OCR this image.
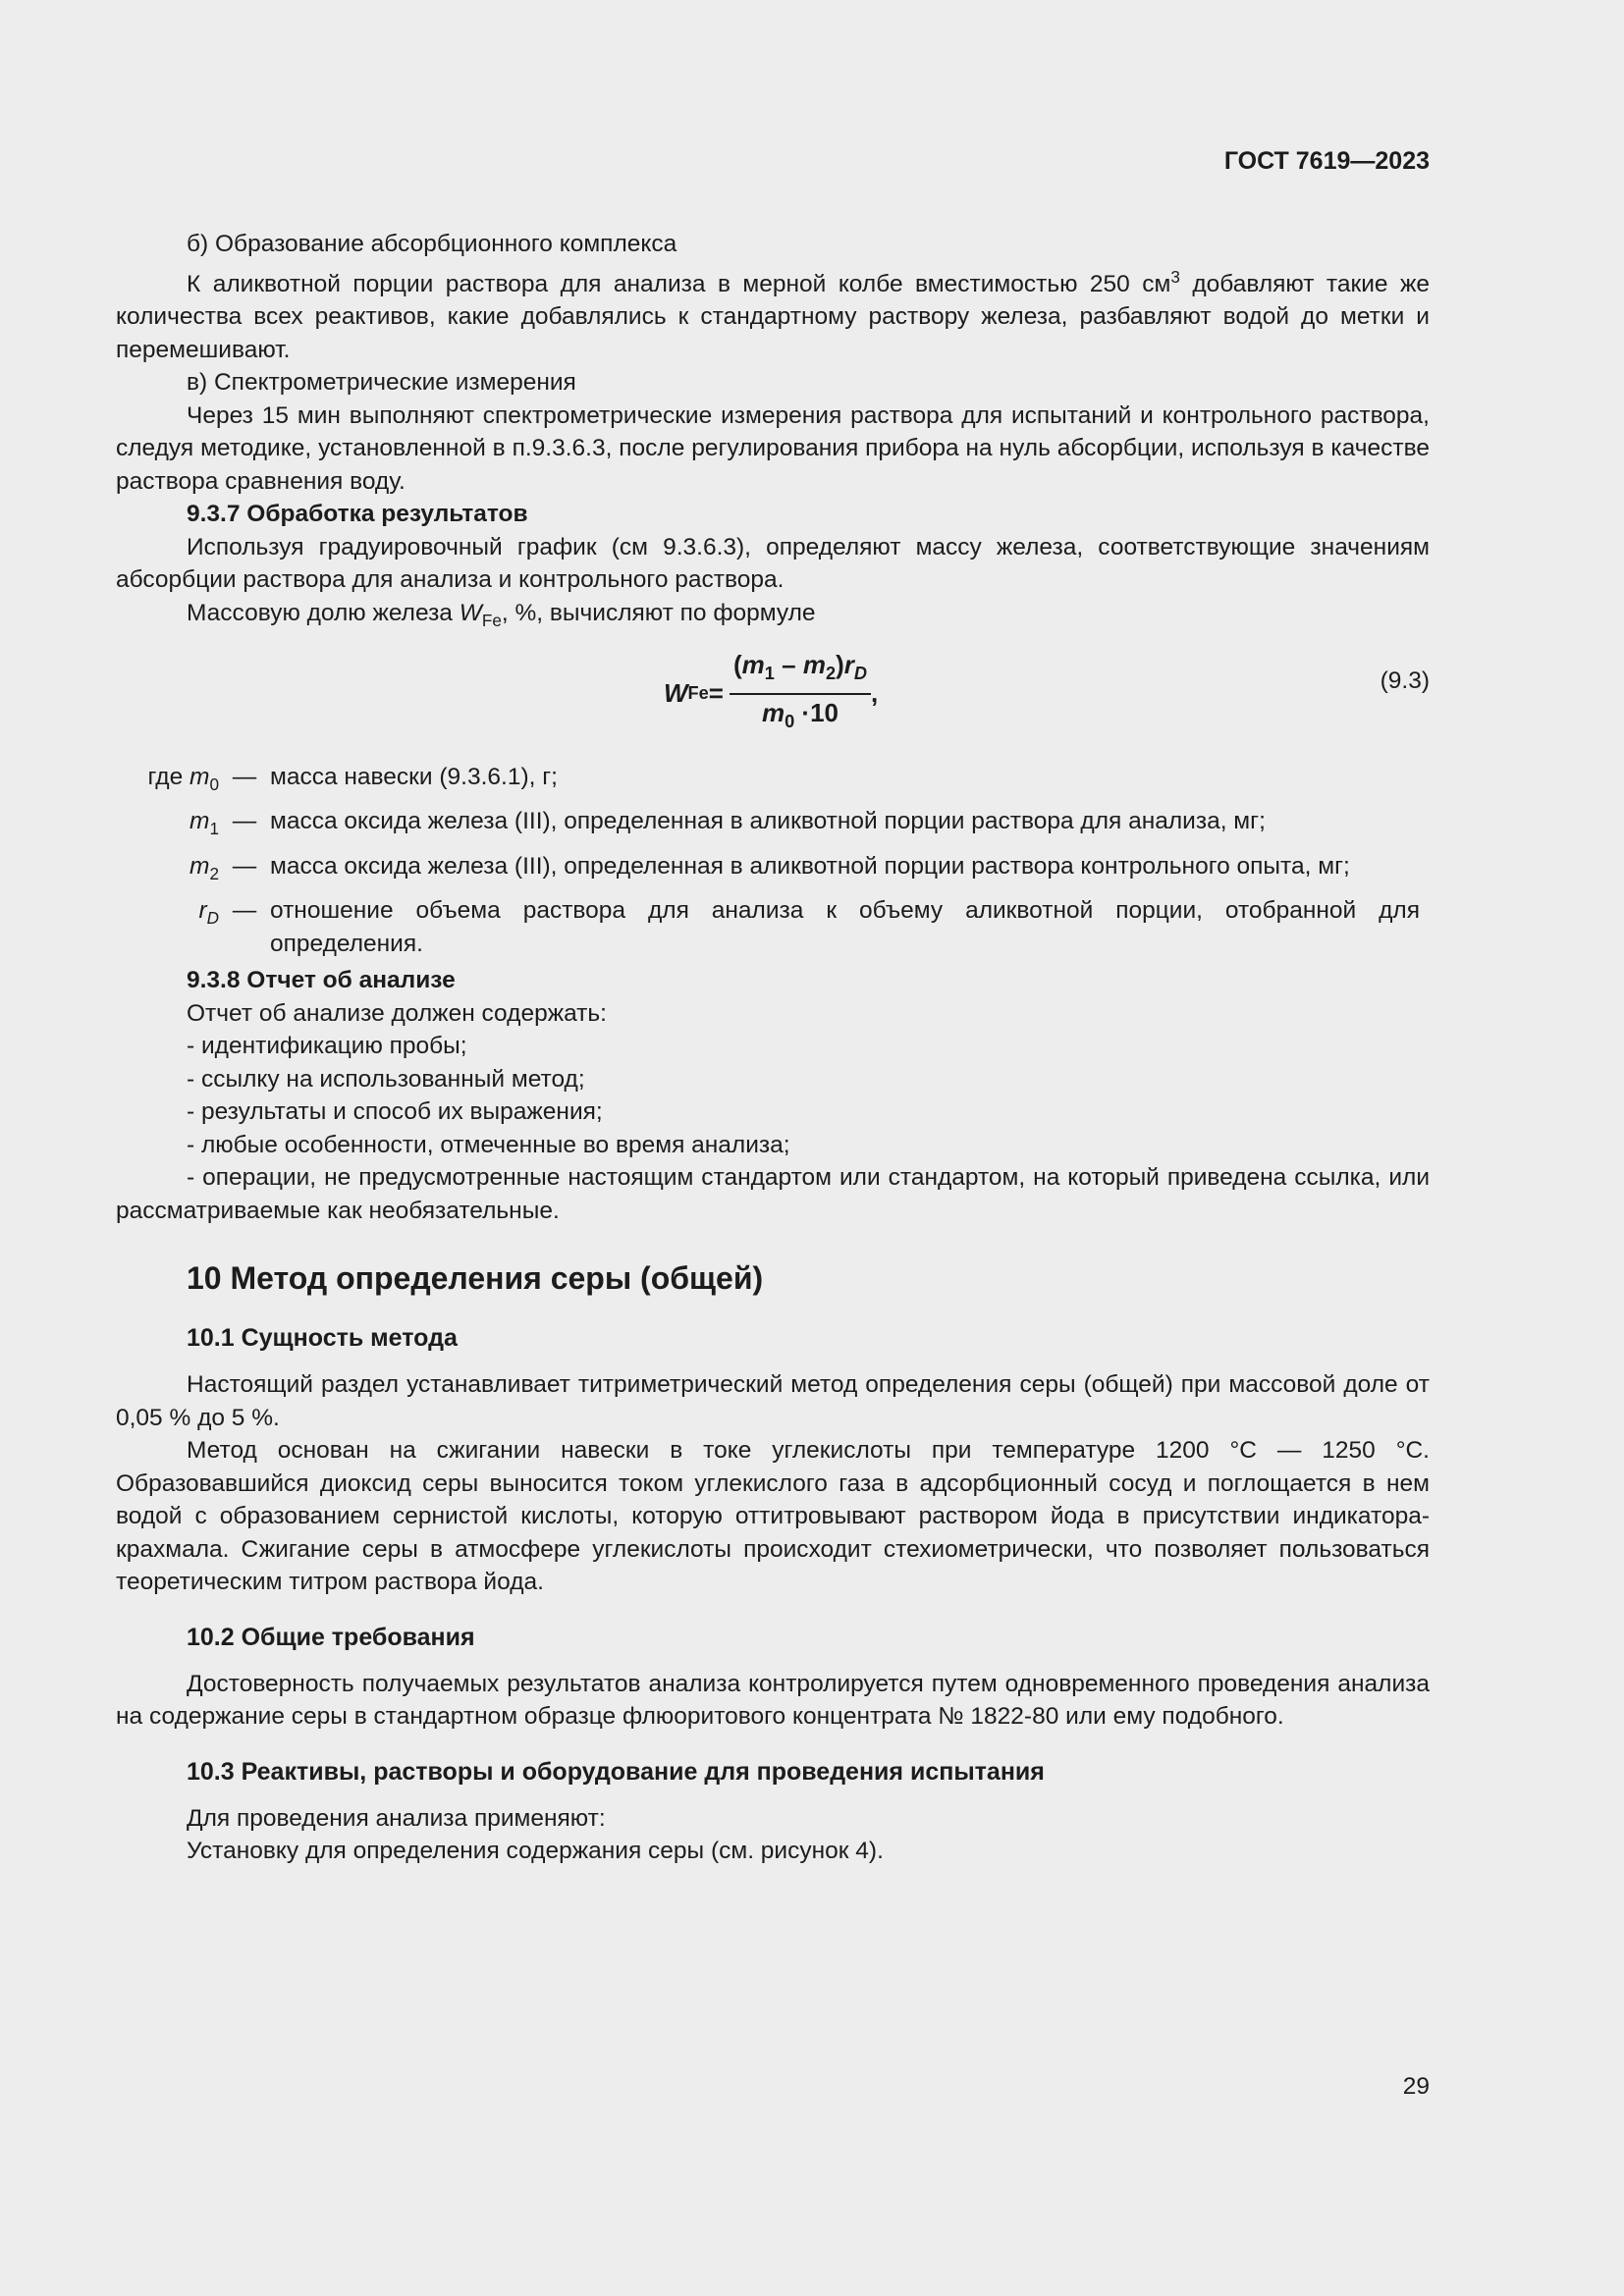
ГОСТ 7619—2023

б) Образование абсорбционного комплекса

К аликвотной порции раствора для анализа в мерной колбе вместимостью 250 $см^3$ добавляют такие же количества всех реактивов, какие добавлялись к стандартному раствору железа, разбавляют водой до метки и перемешивают.

в) Спектрометрические измерения

Через 15 мин выполняют спектрометрические измерения раствора для испытаний и контрольного раствора, следуя методике, установленной в п.9.3.6.3, после регулирования прибора на нуль абсорбции, используя в качестве раствора сравнения воду.

9.3.7 Обработка результатов

Используя градуировочный график (см 9.3.6.3), определяют массу железа, соответствующие значениям абсорбции раствора для анализа и контрольного раствора.

Массовую долю железа $W_{Fe}$, %, вычисляют по формуле

W $Fe = \frac{(m_1 - m_2)r_D}{m_0 \cdot 10}$ ,	(9.3)
где $m_0$ — масса навески (9.3.6.1), г;
$m_1$ — масса оксида железа (III), определенная в аликвотной порции раствора для анализа, мг;
$m_2$ — масса оксида железа (III), определенная в аликвотной порции раствора контрольного опыта, мг;
$r_D$ — отношение объема раствора для анализа к объему аликвотной порции, отобранной для определения.

9.3.8 Отчет об анализе

Отчет об анализе должен содержать:

- идентификацию пробы;

- ссылку на использованный метод;

- результаты и способ их выражения;

- любые особенности, отмеченные во время анализа;

- операции, не предусмотренные настоящим стандартом или стандартом, на который приведена ссылка, или рассматриваемые как необязательные.

10 Метод определения серы (общей)
10.1 Сущность метода

Настоящий раздел устанавливает титриметрический метод определения серы (общей) при массовой доле от 0,05 % до 5 %.

Метод основан на сжигании навески в токе углекислоты при температуре 1200 °С — 1250 °С. Образовавшийся диоксид серы выносится током углекислого газа в адсорбционный сосуд и поглощается в нем водой с образованием сернистой кислоты, которую оттитровывают раствором йода в присутствии индикатора-крахмала. Сжигание серы в атмосфере углекислоты происходит стехиометрически, что позволяет пользоваться теоретическим титром раствора йода.

10.2 Общие требования

Достоверность получаемых результатов анализа контролируется путем одновременного проведения анализа на содержание серы в стандартном образце флюоритового концентрата № 1822-80 или ему подобного.

10.3 Реактивы, растворы и оборудование для проведения испытания

Для проведения анализа применяют:

Установку для определения содержания серы (см. рисунок 4).

29
